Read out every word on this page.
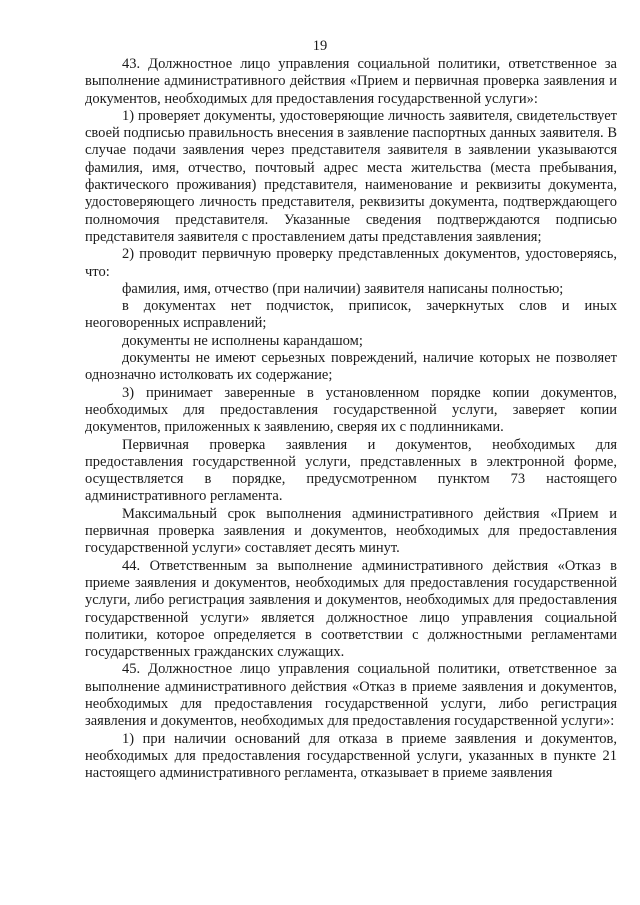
19

43. Должностное лицо управления социальной политики, ответственное за выполнение административного действия «Прием и первичная проверка заявления и документов, необходимых для предоставления государственной услуги»:

1) проверяет документы, удостоверяющие личность заявителя, свидетельствует своей подписью правильность внесения в заявление паспортных данных заявителя. В случае подачи заявления через представителя заявителя в заявлении указываются фамилия, имя, отчество, почтовый адрес места жительства (места пребывания, фактического проживания) представителя, наименование и реквизиты документа, удостоверяющего личность представителя, реквизиты документа, подтверждающего полномочия представителя. Указанные сведения подтверждаются подписью представителя заявителя с проставлением даты представления заявления;

2) проводит первичную проверку представленных документов, удостоверяясь, что:

фамилия, имя, отчество (при наличии) заявителя написаны полностью;

в документах нет подчисток, приписок, зачеркнутых слов и иных неоговоренных исправлений;

документы не исполнены карандашом;

документы не имеют серьезных повреждений, наличие которых не позволяет однозначно истолковать их содержание;

3) принимает заверенные в установленном порядке копии документов, необходимых для предоставления государственной услуги, заверяет копии документов, приложенных к заявлению, сверяя их с подлинниками.

Первичная проверка заявления и документов, необходимых для предоставления государственной услуги, представленных в электронной форме, осуществляется в порядке, предусмотренном пунктом 73 настоящего административного регламента.

Максимальный срок выполнения административного действия «Прием и первичная проверка заявления и документов, необходимых для предоставления государственной услуги» составляет десять минут.

44. Ответственным за выполнение административного действия «Отказ в приеме заявления и документов, необходимых для предоставления государственной услуги, либо регистрация заявления и документов, необходимых для предоставления государственной услуги» является должностное лицо управления социальной политики, которое определяется в соответствии с должностными регламентами государственных гражданских служащих.

45. Должностное лицо управления социальной политики, ответственное за выполнение административного действия «Отказ в приеме заявления и документов, необходимых для предоставления государственной услуги, либо регистрация заявления и документов, необходимых для предоставления государственной услуги»:

1) при наличии оснований для отказа в приеме заявления и документов, необходимых для предоставления государственной услуги, указанных в пункте 21 настоящего административного регламента, отказывает в приеме заявления
